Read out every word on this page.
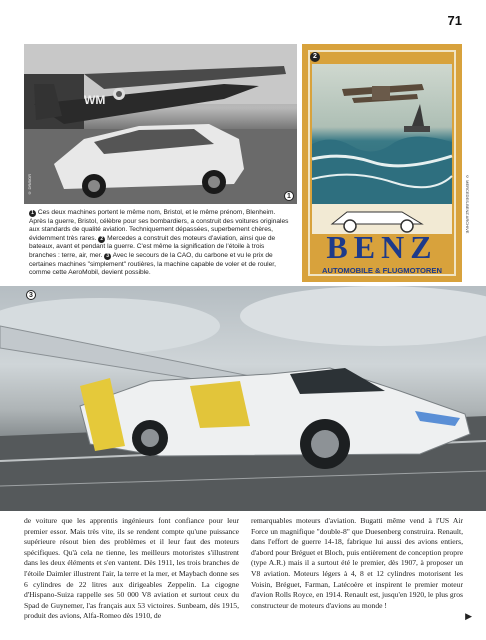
71
WM
© DR/BOR
1
1 Ces deux machines portent le même nom, Bristol, et le même prénom, Blenheim. Après la guerre, Bristol, célèbre pour ses bombardiers, a construit des voitures originales aux standards de qualité aviation. Techniquement dépassées, superbement chères, évidemment très rares. 2 Mercedes a construit des moteurs d'aviation, ainsi que de bateaux, avant et pendant la guerre. C'est même la signification de l'étoile à trois branches : terre, air, mer. 3 Avec le secours de la CAO, du carbone et vu le prix de certaines machines "simplement" routières, la machine capable de voler et de rouler, comme cette AeroMobil, devient possible.
BENZ
AUTOMOBILE & FLUGMOTOREN
© MERCEDES-BENZ ARCHIVE
2
3
de voiture que les apprentis ingénieurs font confiance pour leur premier essor. Mais très vite, ils se rendent compte qu'une puissance supérieure résout bien des problèmes et il leur faut des moteurs spécifiques. Qu'à cela ne tienne, les meilleurs motoristes s'illustrent dans les deux éléments et s'en vantent. Dès 1911, les trois branches de l'étoile Daimler illustrent l'air, la terre et la mer, et Maybach donne ses 6 cylindres de 22 litres aux dirigeables Zeppelin. La cigogne d'Hispano-Suiza rappelle ses 50 000 V8 aviation et surtout ceux du Spad de Guynemer, l'as français aux 53 victoires. Sunbeam, dès 1915, produit des avions, Alfa-Romeo dès 1910, de
remarquables moteurs d'aviation. Bugatti même vend à l'US Air Force un magnifique "double-8" que Duesenberg construira. Renault, dans l'effort de guerre 14-18, fabrique lui aussi des avions entiers, d'abord pour Bréguet et Bloch, puis entièrement de conception propre (type A.R.) mais il a surtout été le premier, dès 1907, à proposer un V8 aviation. Moteurs légers à 4, 8 et 12 cylindres motorisent les Voisin, Bréguet, Farman, Latécoère et inspirent le premier moteur d'avion Rolls Royce, en 1914. Renault est, jusqu'en 1920, le plus gros constructeur de moteurs d'avions au monde !
▶
